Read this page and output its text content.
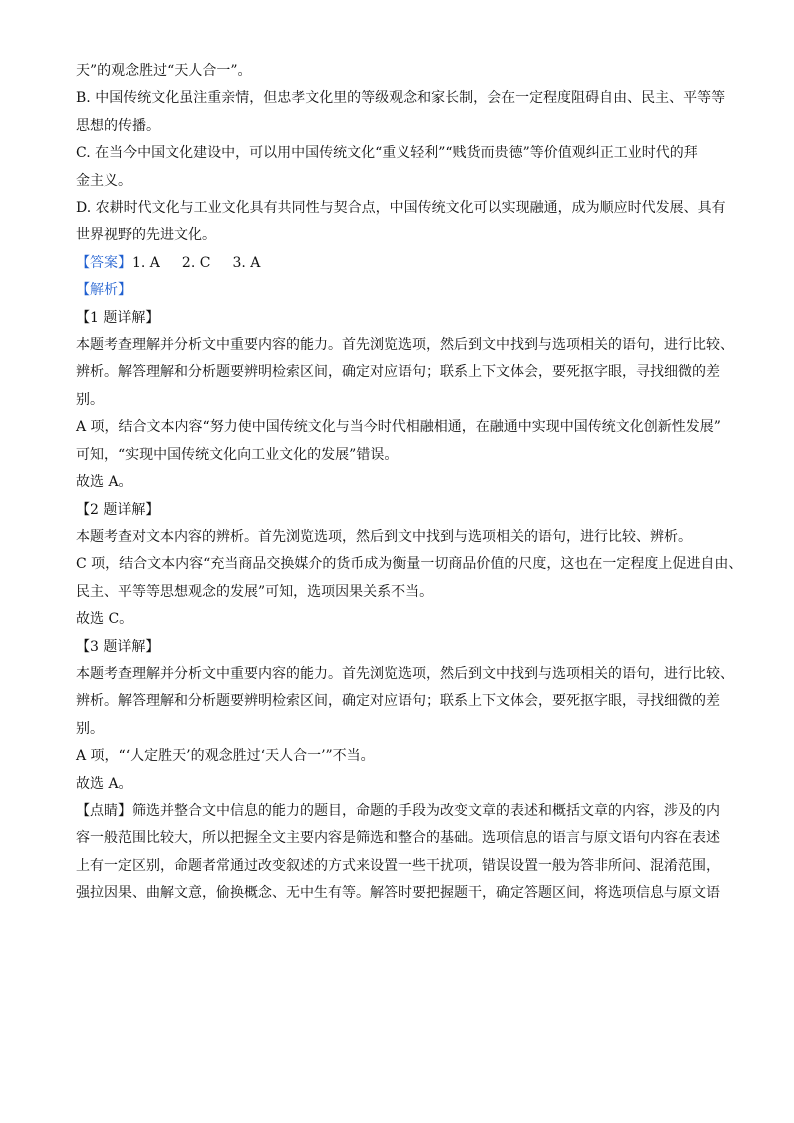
天”的观念胜过“天人合一”。

B. 中国传统文化虽注重亲情，但忠孝文化里的等级观念和家长制，会在一定程度阻碍自由、民主、平等等

思想的传播。

C. 在当今中国文化建设中，可以用中国传统文化“重义轻利”“贱货而贵德”等价值观纠正工业时代的拜

金主义。

D. 农耕时代文化与工业文化具有共同性与契合点，中国传统文化可以实现融通，成为顺应时代发展、具有

世界视野的先进文化。

【答案】1. A 2. C 3. A

【解析】

【1 题详解】

本题考查理解并分析文中重要内容的能力。首先浏览选项，然后到文中找到与选项相关的语句，进行比较、

辨析。解答理解和分析题要辨明检索区间，确定对应语句；联系上下文体会，要死抠字眼，寻找细微的差

别。

A 项，结合文本内容“努力使中国传统文化与当今时代相融相通，在融通中实现中国传统文化创新性发展”

可知，“实现中国传统文化向工业文化的发展”错误。

故选 A。

【2 题详解】

本题考查对文本内容的辨析。首先浏览选项，然后到文中找到与选项相关的语句，进行比较、辨析。

C 项，结合文本内容“充当商品交换媒介的货币成为衡量一切商品价值的尺度，这也在一定程度上促进自由、

民主、平等等思想观念的发展”可知，选项因果关系不当。

故选 C。

【3 题详解】

本题考查理解并分析文中重要内容的能力。首先浏览选项，然后到文中找到与选项相关的语句，进行比较、

辨析。解答理解和分析题要辨明检索区间，确定对应语句；联系上下文体会，要死抠字眼，寻找细微的差

别。

A 项，“‘人定胜天’的观念胜过‘天人合一’”不当。

故选 A。

【点睛】筛选并整合文中信息的能力的题目，命题的手段为改变文章的表述和概括文章的内容，涉及的内

容一般范围比较大，所以把握全文主要内容是筛选和整合的基础。选项信息的语言与原文语句内容在表述

上有一定区别，命题者常通过改变叙述的方式来设置一些干扰项，错误设置一般为答非所问、混淆范围，

强拉因果、曲解文意，偷换概念、无中生有等。解答时要把握题干，确定答题区间，将选项信息与原文语
